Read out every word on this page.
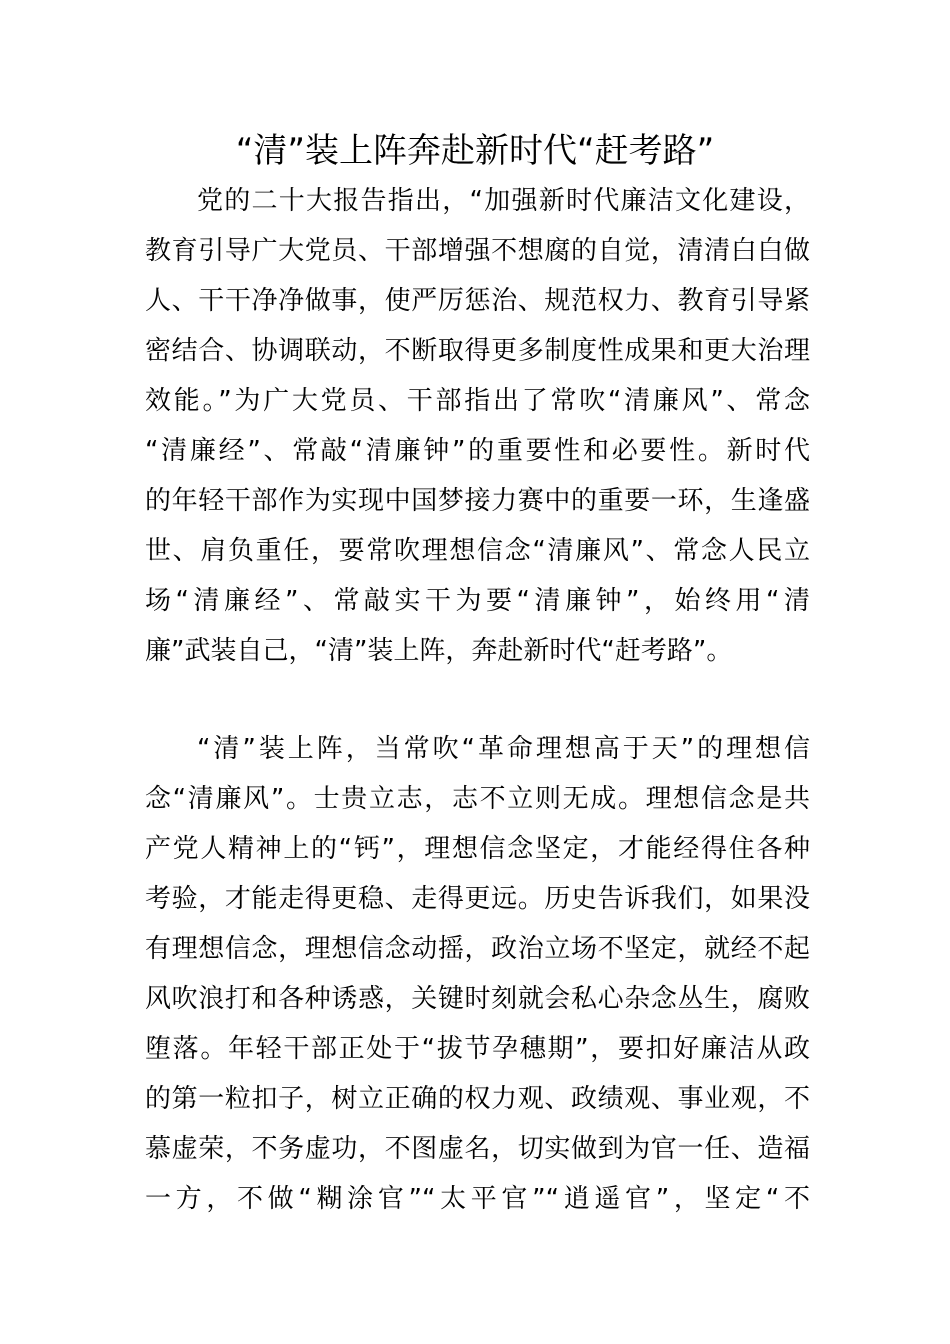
“清”装上阵奔赴新时代“赶考路”
党的二十大报告指出，“加强新时代廉洁文化建设，
教育引导广大党员、干部增强不想腐的自觉，清清白白做
人、干干净净做事，使严厉惩治、规范权力、教育引导紧
密结合、协调联动，不断取得更多制度性成果和更大治理
效能。”为广大党员、干部指出了常吹“清廉风”、常念
“清廉经”、常敲“清廉钟”的重要性和必要性。新时代
的年轻干部作为实现中国梦接力赛中的重要一环，生逢盛
世、肩负重任，要常吹理想信念“清廉风”、常念人民立
场“清廉经”、常敲实干为要“清廉钟”，始终用“清
廉”武装自己，“清”装上阵，奔赴新时代“赶考路”。
“清”装上阵，当常吹“革命理想高于天”的理想信
念“清廉风”。士贵立志，志不立则无成。理想信念是共
产党人精神上的“钙”，理想信念坚定，才能经得住各种
考验，才能走得更稳、走得更远。历史告诉我们，如果没
有理想信念，理想信念动摇，政治立场不坚定，就经不起
风吹浪打和各种诱惑，关键时刻就会私心杂念丛生，腐败
堕落。年轻干部正处于“拔节孕穗期”，要扣好廉洁从政
的第一粒扣子，树立正确的权力观、政绩观、事业观，不
慕虚荣，不务虚功，不图虚名，切实做到为官一任、造福
一方，不做“糊涂官”“太平官”“逍遥官”，坚定“不
